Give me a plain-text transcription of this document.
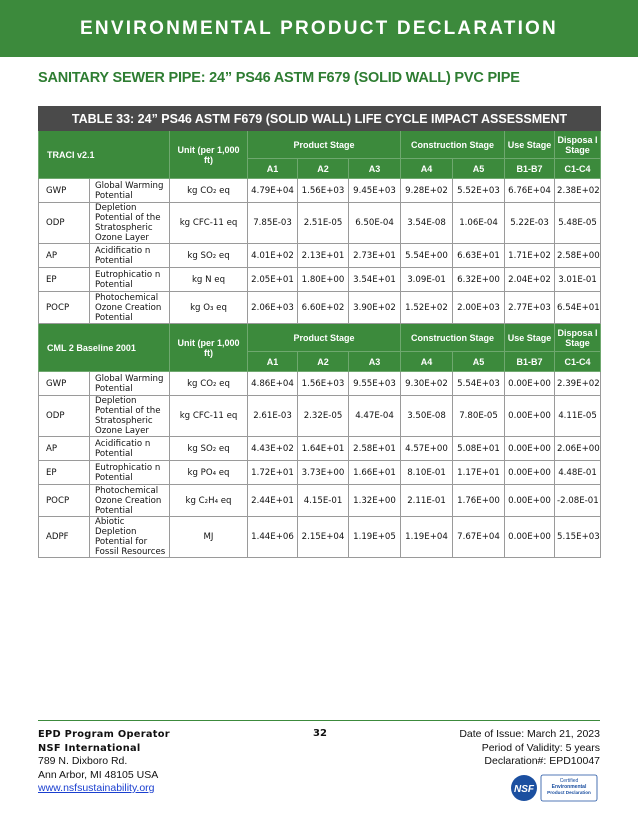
ENVIRONMENTAL PRODUCT DECLARATION
SANITARY SEWER PIPE: 24” PS46 ASTM F679 (SOLID WALL) PVC PIPE
TABLE 33: 24” PS46 ASTM F679 (SOLID WALL) LIFE CYCLE IMPACT ASSESSMENT									
TRACI v2.1		Unit (per 1,000 ft)	Product Stage			Construction Stage		Use Stage	Disposa l Stage
			A1	A2	A3	A4	A5	B1-B7	C1-C4
GWP	Global Warming Potential	kg CO₂ eq	4.79E+04	1.56E+03	9.45E+03	9.28E+02	5.52E+03	6.76E+04	2.38E+02
ODP	Depletion Potential of the Stratospheric Ozone Layer	kg CFC-11 eq	7.85E-03	2.51E-05	6.50E-04	3.54E-08	1.06E-04	5.22E-03	5.48E-05
AP	Acidificatio n Potential	kg SO₂ eq	4.01E+02	2.13E+01	2.73E+01	5.54E+00	6.63E+01	1.71E+02	2.58E+00
EP	Eutrophicatio n Potential	kg N eq	2.05E+01	1.80E+00	3.54E+01	3.09E-01	6.32E+00	2.04E+02	3.01E-01
POCP	Photochemical Ozone Creation Potential	kg O₃ eq	2.06E+03	6.60E+02	3.90E+02	1.52E+02	2.00E+03	2.77E+03	6.54E+01
CML 2 Baseline 2001		Unit (per 1,000 ft)	Product Stage			Construction Stage		Use Stage	Disposa l Stage
			A1	A2	A3	A4	A5	B1-B7	C1-C4
GWP	Global Warming Potential	kg CO₂ eq	4.86E+04	1.56E+03	9.55E+03	9.30E+02	5.54E+03	0.00E+00	2.39E+02
ODP	Depletion Potential of the Stratospheric Ozone Layer	kg CFC-11 eq	2.61E-03	2.32E-05	4.47E-04	3.50E-08	7.80E-05	0.00E+00	4.11E-05
AP	Acidificatio n Potential	kg SO₂ eq	4.43E+02	1.64E+01	2.58E+01	4.57E+00	5.08E+01	0.00E+00	2.06E+00
EP	Eutrophicatio n Potential	kg PO₄ eq	1.72E+01	3.73E+00	1.66E+01	8.10E-01	1.17E+01	0.00E+00	4.48E-01
POCP	Photochemical Ozone Creation Potential	kg C₂H₄ eq	2.44E+01	4.15E-01	1.32E+00	2.11E-01	1.76E+00	0.00E+00	-2.08E-01
ADPF	Abiotic Depletion Potential for Fossil Resources	MJ	1.44E+06	2.15E+04	1.19E+05	1.19E+04	7.67E+04	0.00E+00	5.15E+03
EPD Program Operator
NSF International
789 N. Dixboro Rd.
Ann Arbor, MI 48105 USA
www.nsfsustainability.org
32	Date of Issue: March 21, 2023
Period of Validity: 5 years
Declaration#: EPD10047
NSF
Certified
Environmental
Product Declaration
